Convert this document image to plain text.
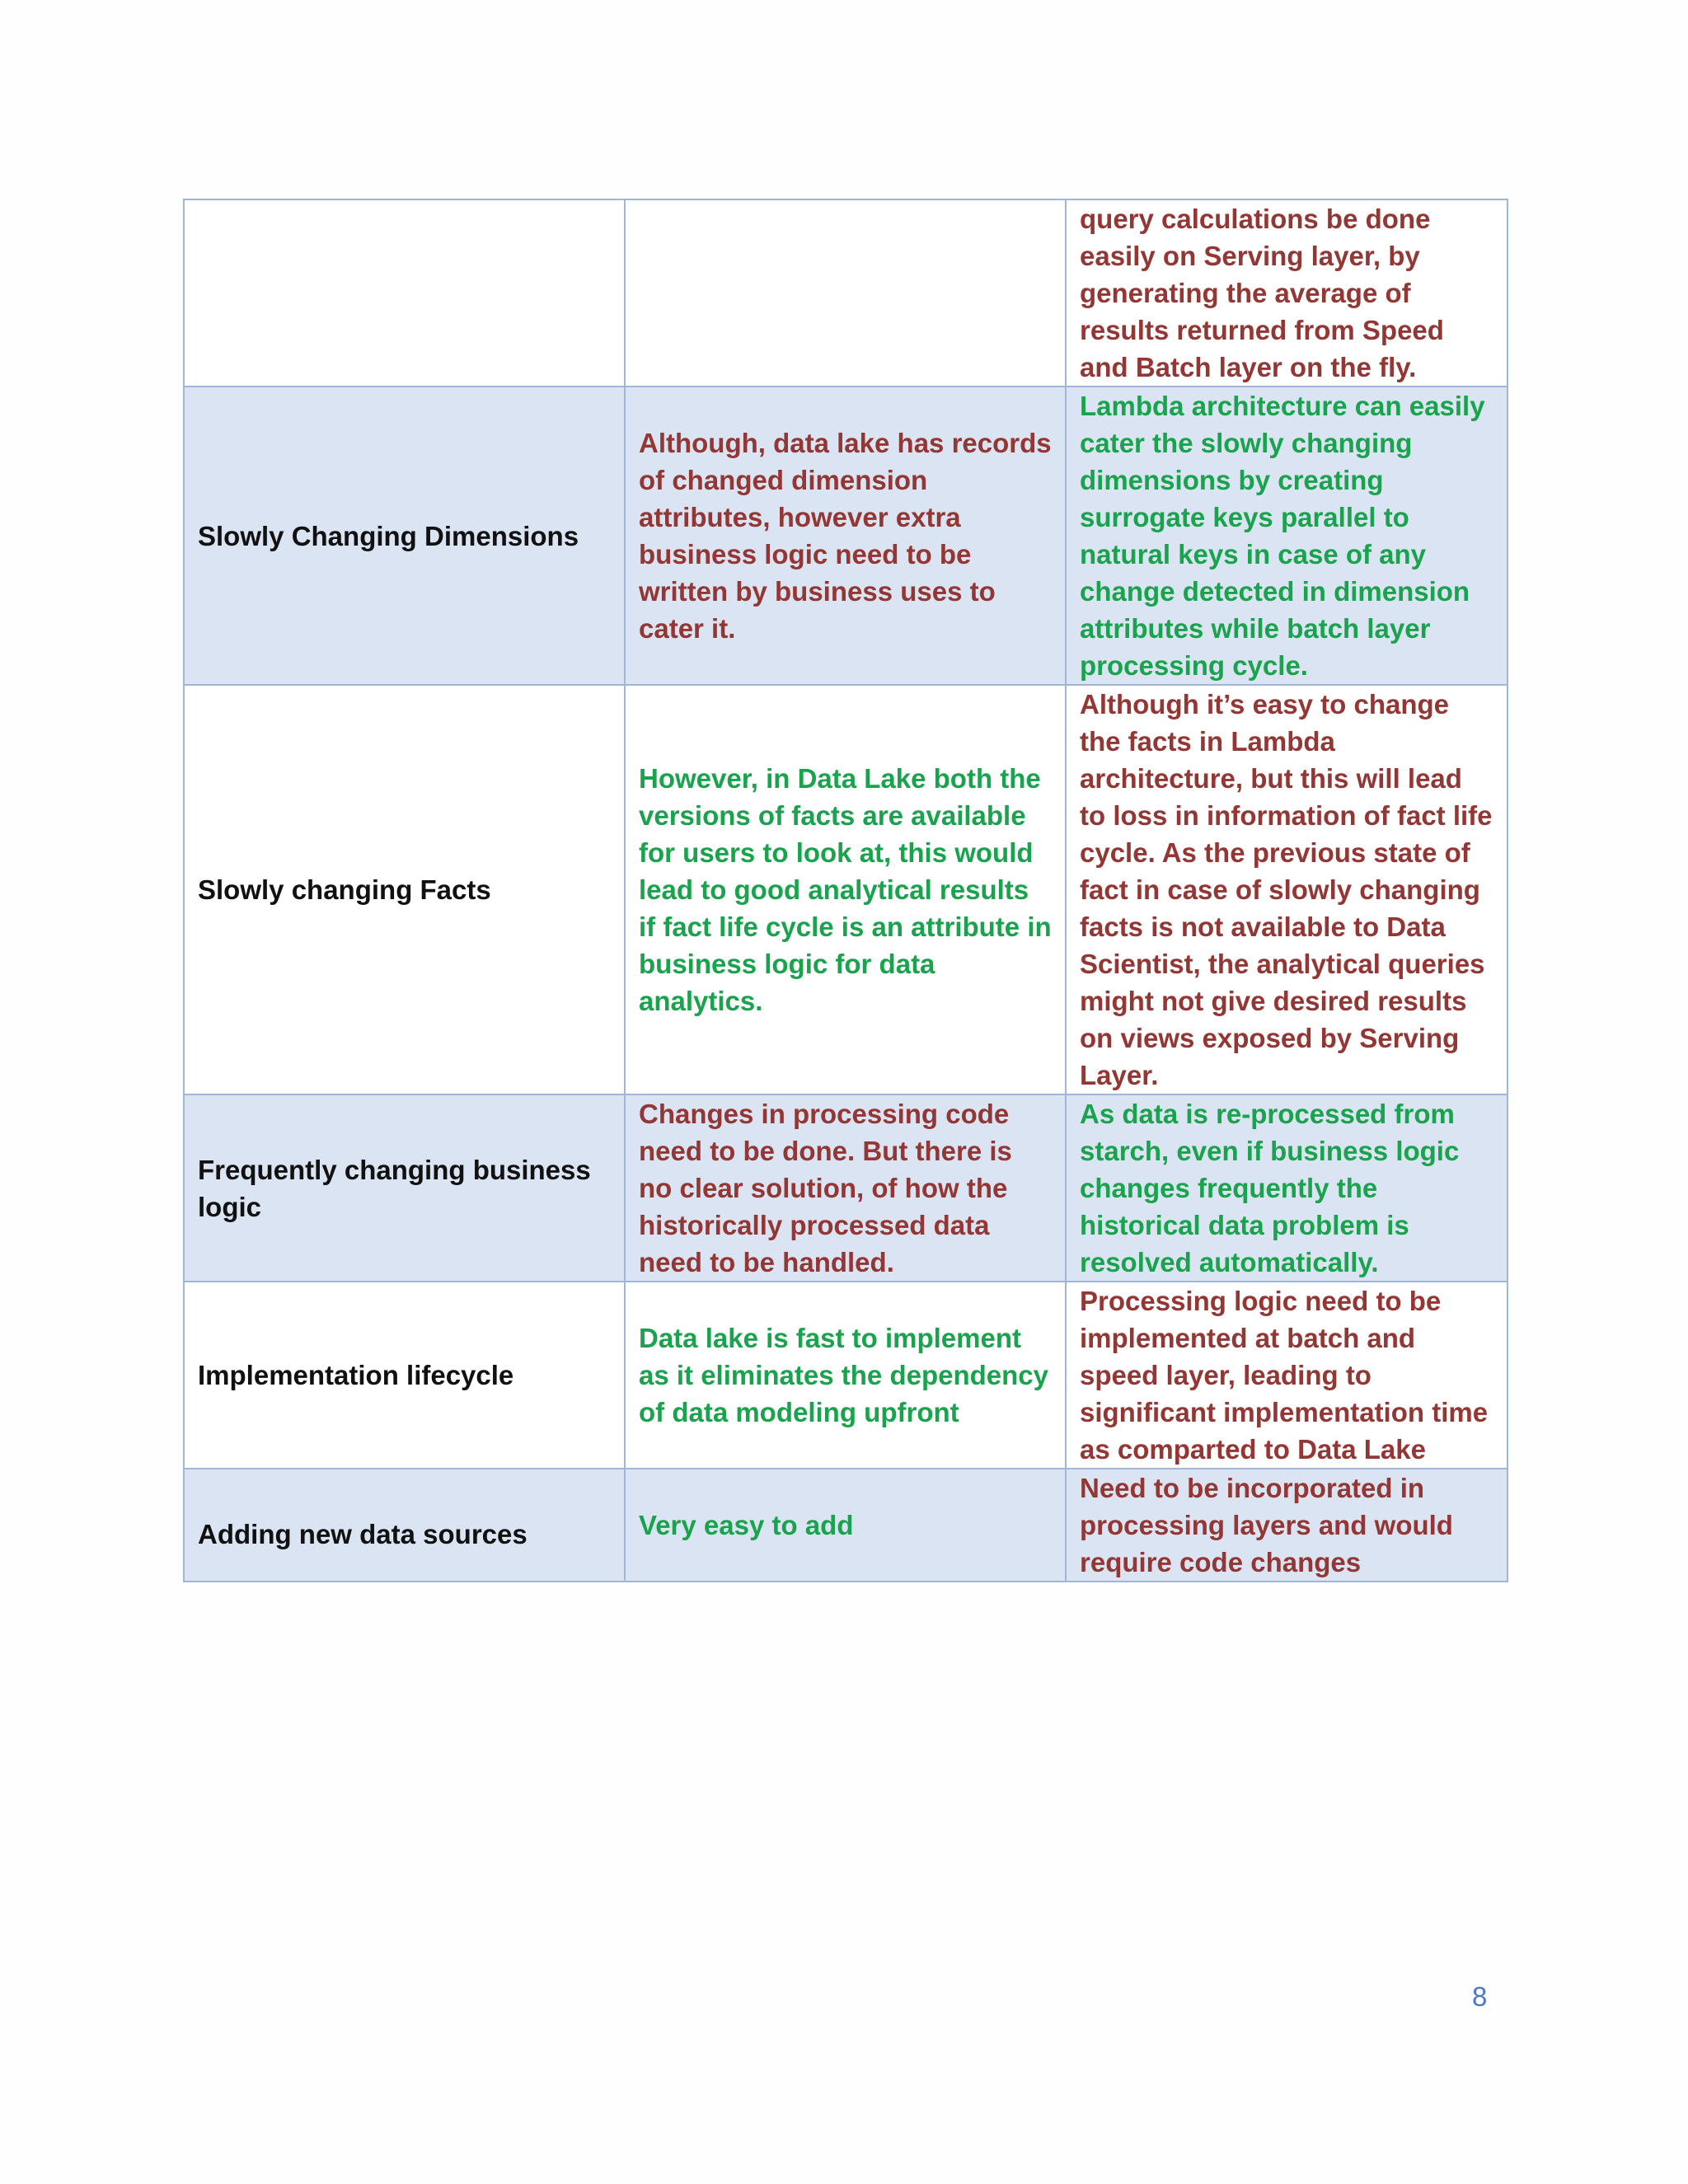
		query calculations be done easily on Serving layer, by generating the average of results returned from Speed and Batch layer on the fly.
Slowly Changing Dimensions	Although, data lake has records of changed dimension attributes, however extra business logic need to be written by business uses to cater it.	Lambda architecture can easily cater the slowly changing dimensions by creating surrogate keys parallel to natural keys in case of any change detected in dimension attributes while batch layer processing cycle.
Slowly changing Facts	However, in Data Lake both the versions of facts are available for users to look at, this would lead to good analytical results if fact life cycle is an attribute in business logic for data analytics.	Although it’s easy to change the facts in Lambda architecture, but this will lead to loss in information of fact life cycle. As the previous state of fact in case of slowly changing facts is not available to Data Scientist, the analytical queries might not give desired results on views exposed by Serving Layer.
Frequently changing business logic	Changes in processing code need to be done. But there is no clear solution, of how the historically processed data need to be handled.	As data is re-processed from starch, even if business logic changes frequently the historical data problem is resolved automatically.
Implementation lifecycle	Data lake is fast to implement as it eliminates the dependency of data modeling upfront	Processing logic need to be implemented at batch and speed layer, leading to significant implementation time as comparted to Data Lake

Adding new data sources	Very easy to add	Need to be incorporated in processing layers and would require code changes
8
